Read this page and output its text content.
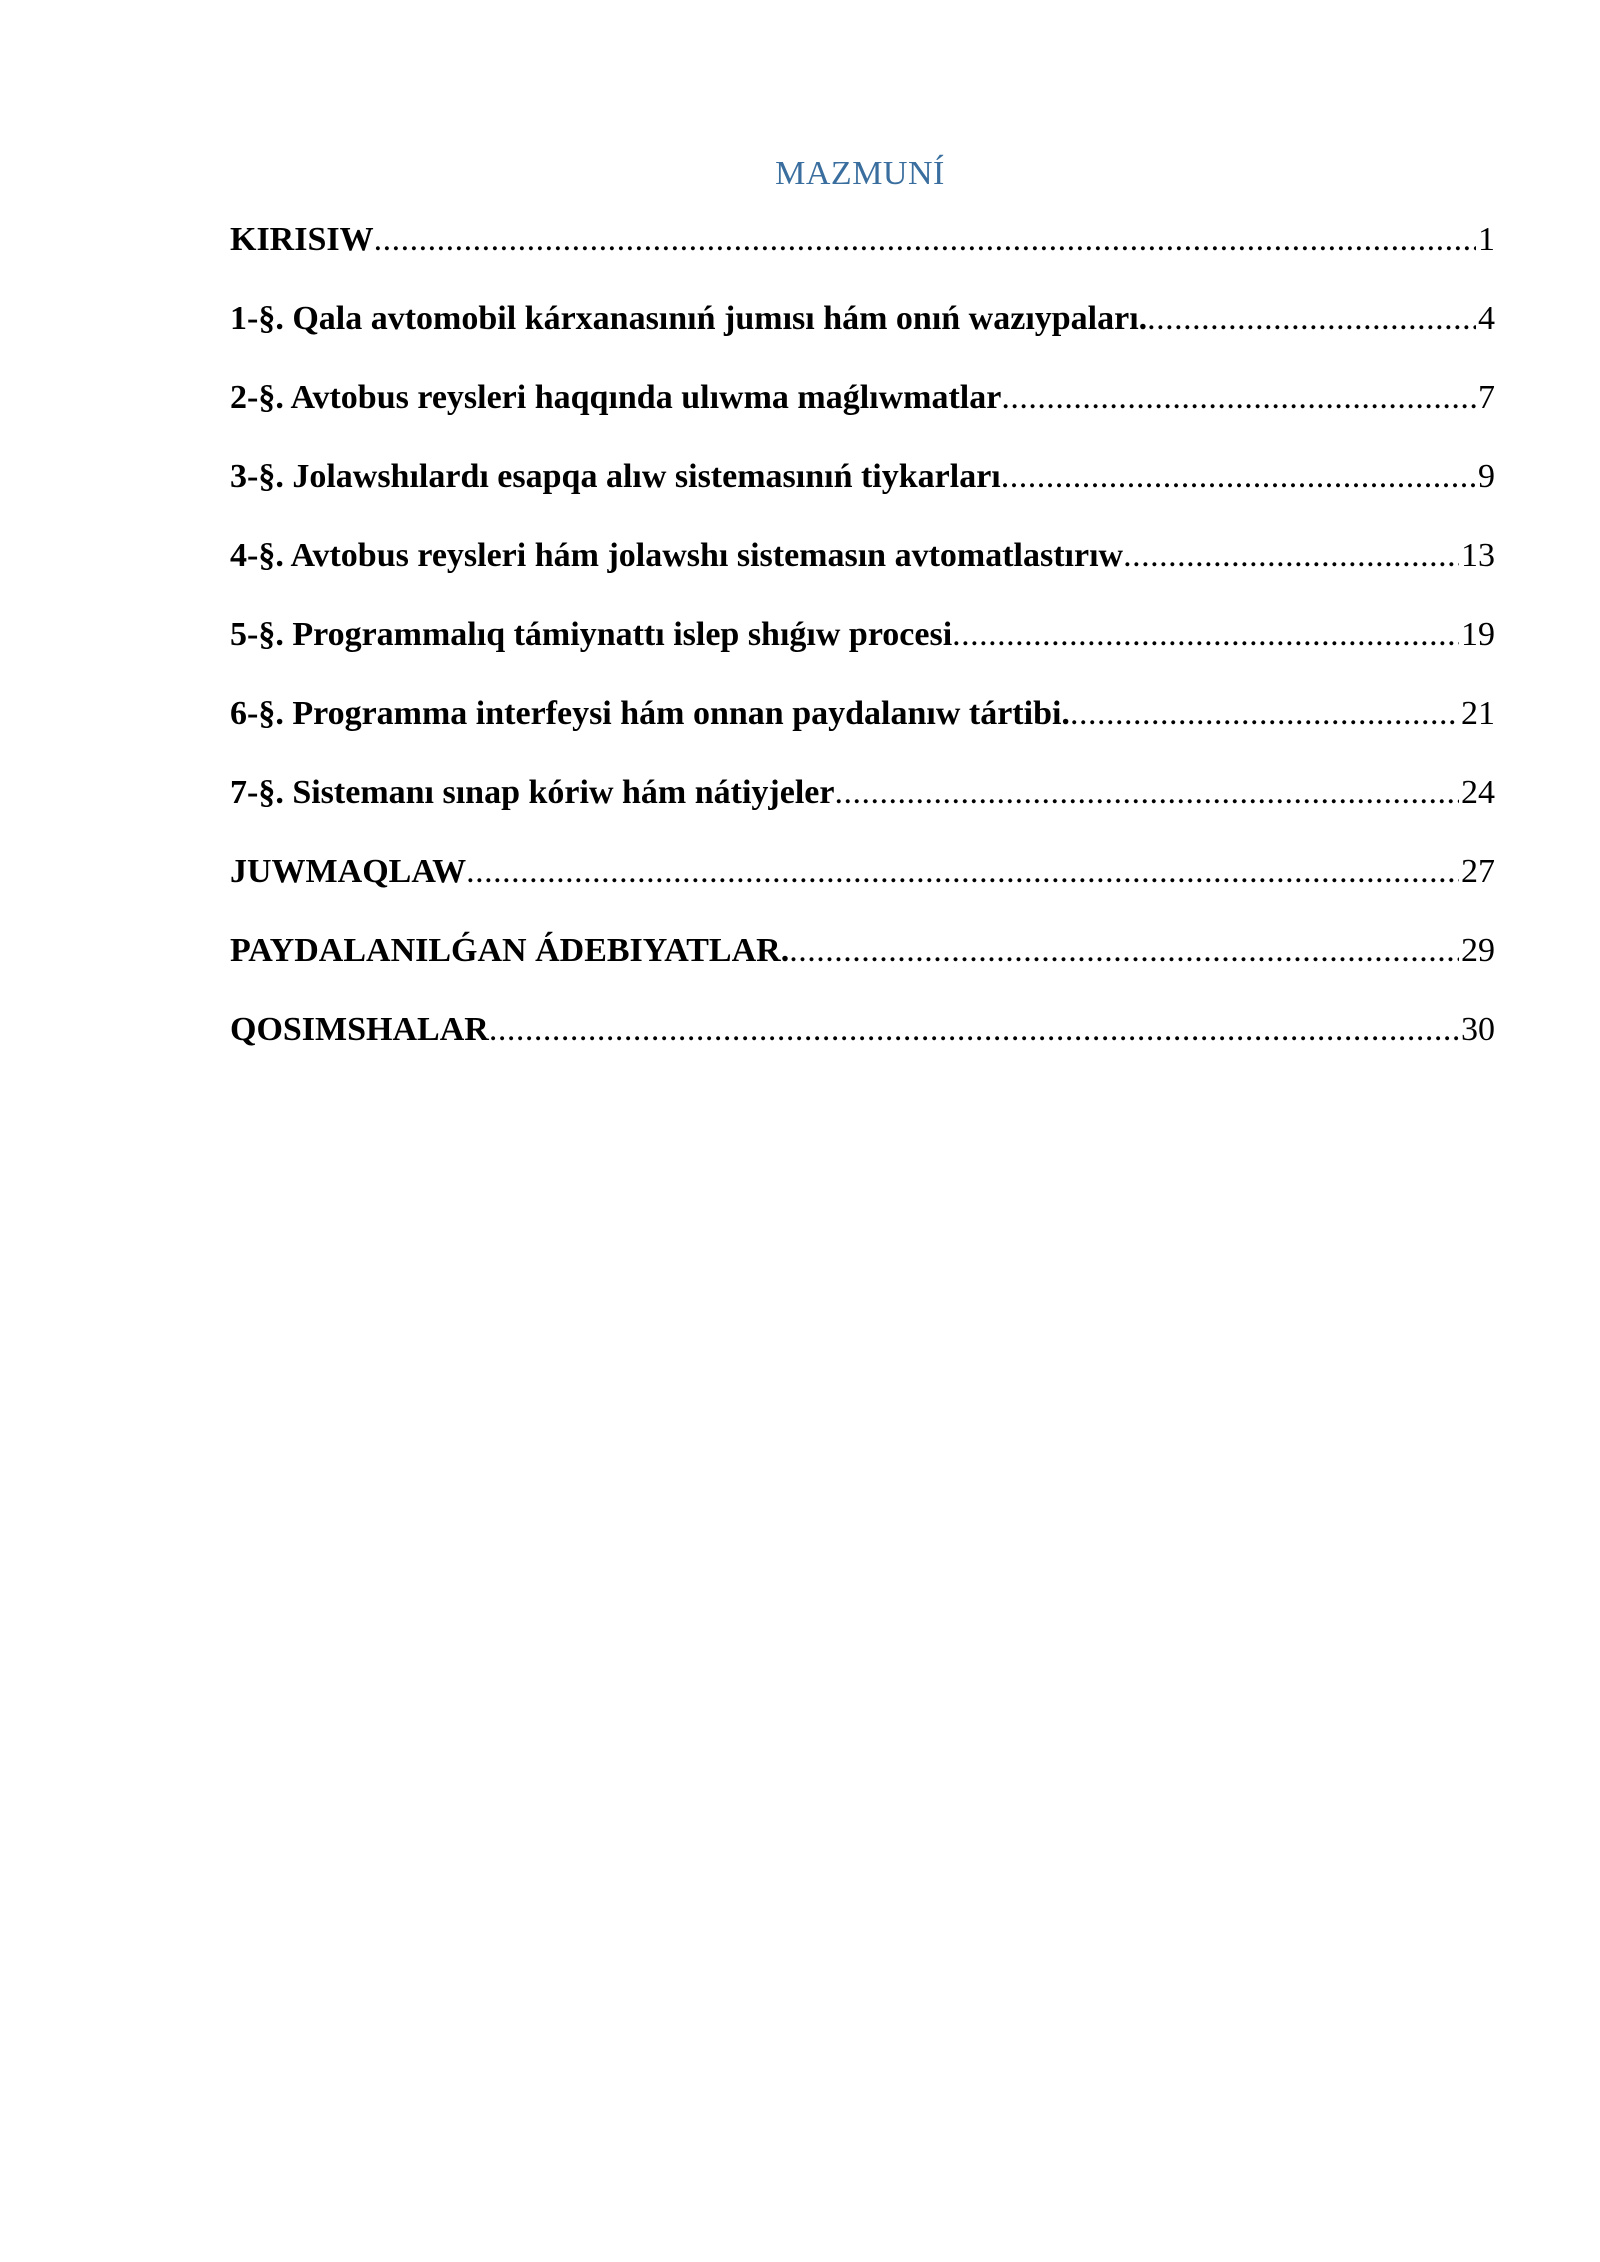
MAZMUNÍ
KIRISIW .....	1
1-§. Qala avtomobil kárxanasınıń jumısı hám onıń wazıypaları. .....	4
2-§. Avtobus reysleri haqqında ulıwma maǵlıwmatlar .....	7
3-§. Jolawshılardı esapqa alıw sistemasınıń tiykarları .....	9
4-§. Avtobus reysleri hám jolawshı sistemasın avtomatlastırıw .....	13
5-§. Programmalıq támiynattı islep shıǵıw procesi .....	19
6-§. Programma interfeysi hám onnan paydalanıw tártibi. .....	21
7-§. Sistemanı sınap kóriw hám nátiyjeler .....	24
JUWMAQLAW .....	27
PAYDALANILǴAN ÁDEBIYATLAR. .....	29
QOSIMSHALAR .....	30
